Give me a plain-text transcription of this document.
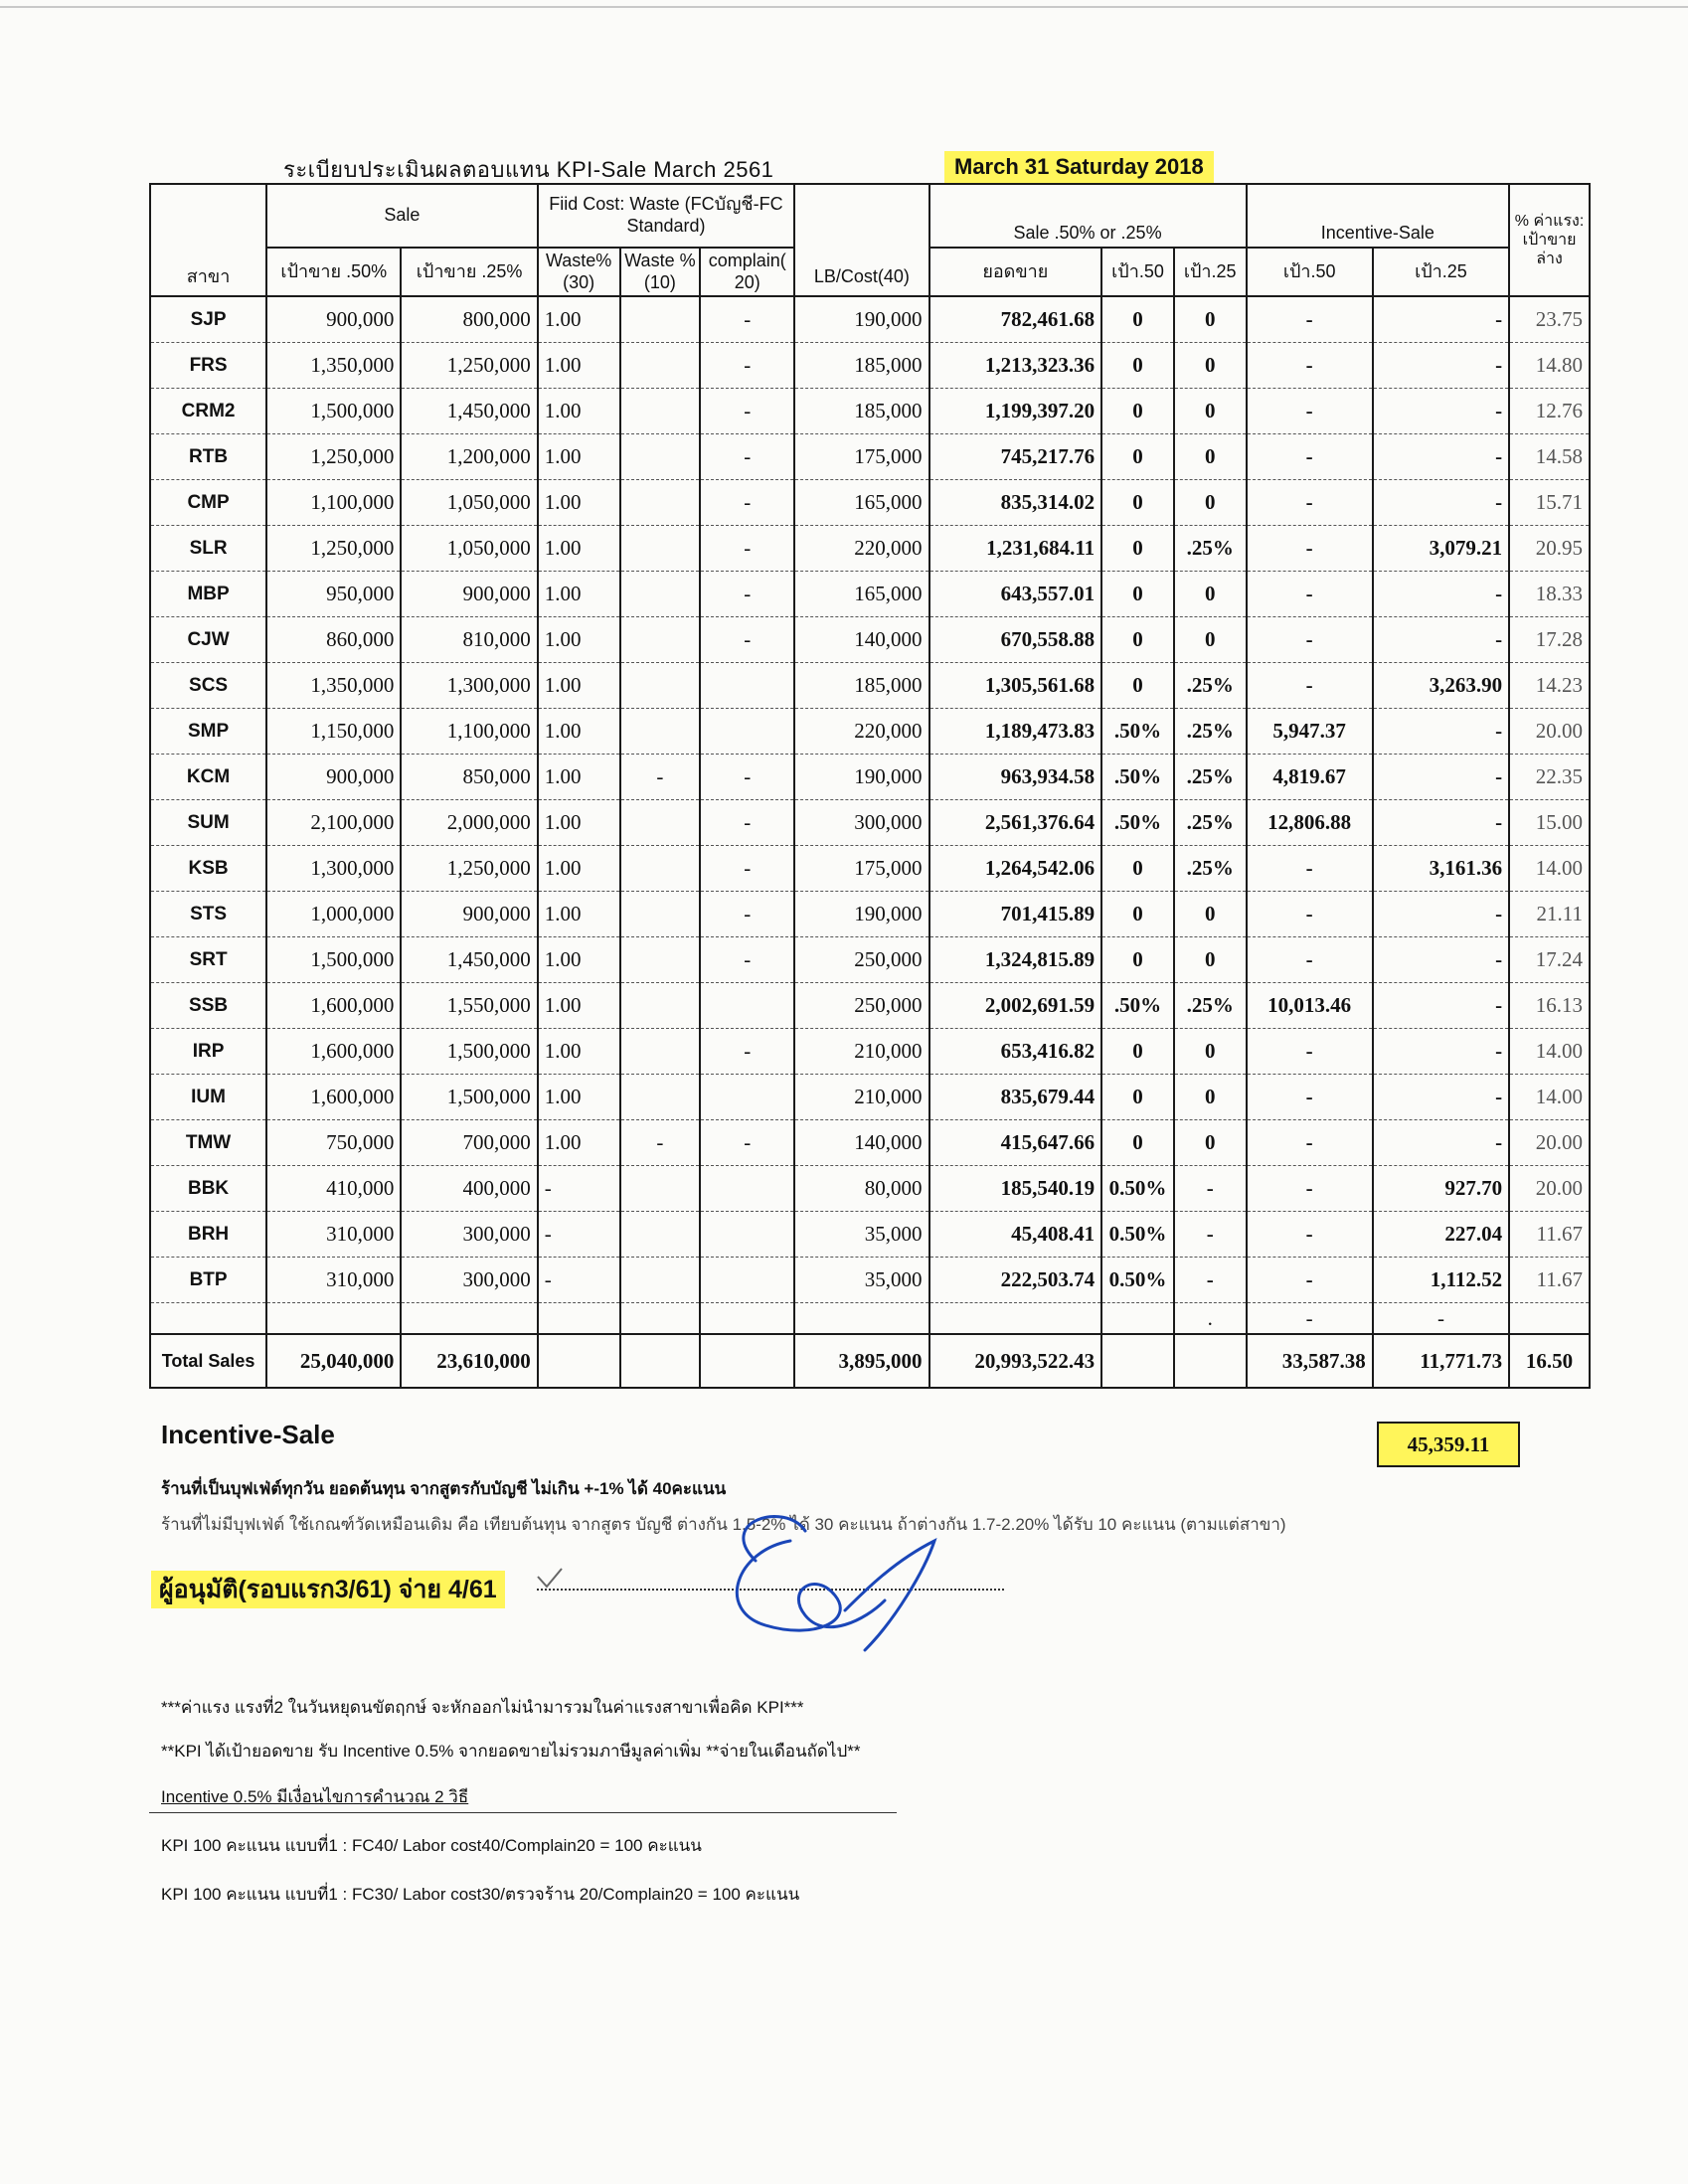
ระเบียบประเมินผลตอบแทน KPI-Sale March 2561	March 31 Saturday 2018
สาขา	Sale		Fiid Cost: Waste (FCบัญชี-FC Standard)			LB/Cost(40)	Sale .50% or .25%			Incentive-Sale		% ค่าแรง: เป้าขาย ล่าง
	เป้าขาย .50%	เป้าขาย .25%	Waste% (30)	Waste %(10)	complain( 20)		ยอดขาย	เป้า.50	เป้า.25	เป้า.50	เป้า.25	
SJP	900,000	800,000	1.00		-	190,000	782,461.68	0	0	-	-	23.75
FRS	1,350,000	1,250,000	1.00		-	185,000	1,213,323.36	0	0	-	-	14.80
CRM2	1,500,000	1,450,000	1.00		-	185,000	1,199,397.20	0	0	-	-	12.76
RTB	1,250,000	1,200,000	1.00		-	175,000	745,217.76	0	0	-	-	14.58
CMP	1,100,000	1,050,000	1.00		-	165,000	835,314.02	0	0	-	-	15.71
SLR	1,250,000	1,050,000	1.00		-	220,000	1,231,684.11	0	.25%	-	3,079.21	20.95
MBP	950,000	900,000	1.00		-	165,000	643,557.01	0	0	-	-	18.33
CJW	860,000	810,000	1.00		-	140,000	670,558.88	0	0	-	-	17.28
SCS	1,350,000	1,300,000	1.00			185,000	1,305,561.68	0	.25%	-	3,263.90	14.23
SMP	1,150,000	1,100,000	1.00			220,000	1,189,473.83	.50%	.25%	5,947.37	-	20.00
KCM	900,000	850,000	1.00	-	-	190,000	963,934.58	.50%	.25%	4,819.67	-	22.35
SUM	2,100,000	2,000,000	1.00		-	300,000	2,561,376.64	.50%	.25%	12,806.88	-	15.00
KSB	1,300,000	1,250,000	1.00		-	175,000	1,264,542.06	0	.25%	-	3,161.36	14.00
STS	1,000,000	900,000	1.00		-	190,000	701,415.89	0	0	-	-	21.11
SRT	1,500,000	1,450,000	1.00		-	250,000	1,324,815.89	0	0	-	-	17.24
SSB	1,600,000	1,550,000	1.00			250,000	2,002,691.59	.50%	.25%	10,013.46	-	16.13
IRP	1,600,000	1,500,000	1.00		-	210,000	653,416.82	0	0	-	-	14.00
IUM	1,600,000	1,500,000	1.00			210,000	835,679.44	0	0	-	-	14.00
TMW	750,000	700,000	1.00	-	-	140,000	415,647.66	0	0	-	-	20.00
BBK	410,000	400,000	-			80,000	185,540.19	0.50%	-	-	927.70	20.00
BRH	310,000	300,000	-			35,000	45,408.41	0.50%	-	-	227.04	11.67
BTP	310,000	300,000	-			35,000	222,503.74	0.50%	-	-	1,112.52	11.67
									.	-	-	
Total Sales	25,040,000	23,610,000				3,895,000	20,993,522.43			33,587.38	11,771.73	16.50
Incentive-Sale	45,359.11
ร้านที่เป็นบุฟเฟ่ต์ทุกวัน ยอดต้นทุน จากสูตรกับบัญชี ไม่เกิน +-1% ได้ 40คะแนน
ร้านที่ไม่มีบุฟเฟ่ต์ ใช้เกณฑ์วัดเหมือนเดิม คือ เทียบต้นทุน จากสูตร บัญชี ต่างกัน 1.5-2% ได้ 30 คะแนน ถ้าต่างกัน 1.7-2.20% ได้รับ 10 คะแนน (ตามแต่สาขา)
ผู้อนุมัติ(รอบแรก3/61) จ่าย 4/61
***ค่าแรง แรงที่2 ในวันหยุดนขัตฤกษ์ จะหักออกไม่นำมารวมในค่าแรงสาขาเพื่อคิด KPI***
**KPI ได้เป้ายอดขาย รับ Incentive 0.5% จากยอดขายไม่รวมภาษีมูลค่าเพิ่ม **จ่ายในเดือนถัดไป**
Incentive 0.5% มีเงื่อนไขการคำนวณ 2 วิธี
KPI 100 คะแนน แบบที่1 : FC40/ Labor cost40/Complain20 = 100 คะแนน
KPI 100 คะแนน แบบที่1 : FC30/ Labor cost30/ตรวจร้าน 20/Complain20 = 100 คะแนน
